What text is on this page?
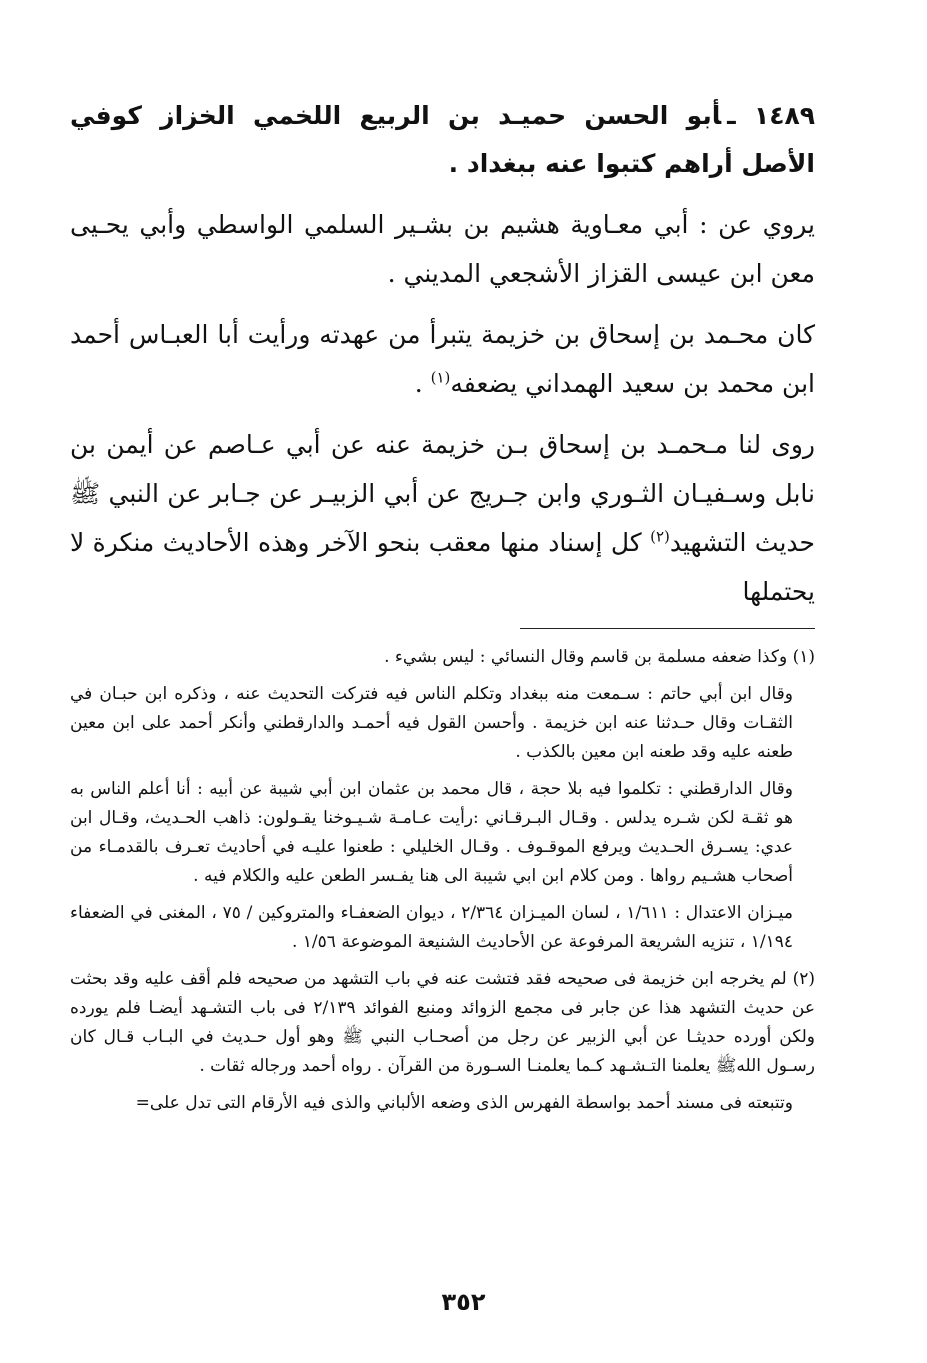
١٤٨٩ ـأبو الحسن حميـد بن الربيع اللخمي الخزاز كوفي الأصل أراهم كتبوا عنه ببغداد .

يروي عن : أبي معـاوية هشيم بن بشـير السلمي الواسطي وأبي يحـيى معن ابن عيسى القزاز الأشجعي المديني .

كان محـمد بن إسحاق بن خزيمة يتبرأ من عهدته ورأيت أبا العبـاس أحمد ابن محمد بن سعيد الهمداني يضعفه$^{(١)}$ .

روى لنا مـحمـد بن إسحاق بـن خزيمة عنه عن أبي عـاصم عن أيمن بن نابل وسـفيـان الثـوري وابن جـريج عن أبي الزبيـر عن جـابر عن النبي ﷺ حديث التشهيد$^{(٢)}$ كل إسناد منها معقب بنحو الآخر وهذه الأحاديث منكرة لا يحتملها

(١) وكذا ضعفه مسلمة بن قاسم وقال النسائي : ليس بشيء .

وقال ابن أبي حاتم : سـمعت منه ببغداد وتكلم الناس فيه فتركت التحديث عنه ، وذكره ابن حبـان في الثقـات وقال حـدثنا عنه ابن خزيمة . وأحسن القول فيه أحمـد والدارقطني وأنكر أحمد على ابن معين طعنه عليه وقد طعنه ابن معين بالكذب .

وقال الدارقطني : تكلموا فيه بلا حجة ، قال محمد بن عثمان ابن أبي شيبة عن أبيه : أنا أعلم الناس به هو ثقـة لكن شـره يدلس . وقـال البـرقـاني :رأيت عـامـة شـيـوخنا يقـولون: ذاهب الحـديث، وقـال ابن عدي: يسـرق الحـديث ويرفع الموقـوف . وقـال الخليلي : طعنوا عليـه في أحاديث تعـرف بالقدمـاء من أصحاب هشـيم رواها . ومن كلام ابن ابي شيبة الى هنا يفـسر الطعن عليه والكلام فيه .

ميـزان الاعتدال : ١/٦١١ ، لسان الميـزان ٢/٣٦٤ ، ديوان الضعفـاء والمتروكين / ٧٥ ، المغنى في الضعفاء ١/١٩٤ ، تنزيه الشريعة المرفوعة عن الأحاديث الشنيعة الموضوعة ١/٥٦ .

(٢) لم يخرجه ابن خزيمة فى صحيحه فقد فتشت عنه في باب التشهد من صحيحه فلم أقف عليه وقد بحثت عن حديث التشهد هذا عن جابر فى مجمع الزوائد ومنبع الفوائد ٢/١٣٩ فى باب التشـهد أيضـا فلم يورده ولكن أورده حديثـا عن أبي الزبير عن رجل من أصحـاب النبي ﷺ وهو أول حـديث في البـاب قـال كان رسـول اللهﷺ يعلمنا التـشـهد كـما يعلمنـا السـورة من القرآن . رواه أحمد ورجاله ثقات .

وتتبعته فى مسند أحمد بواسطة الفهرس الذى وضعه الألباني والذى فيه الأرقام التى تدل على=

٣٥٢
